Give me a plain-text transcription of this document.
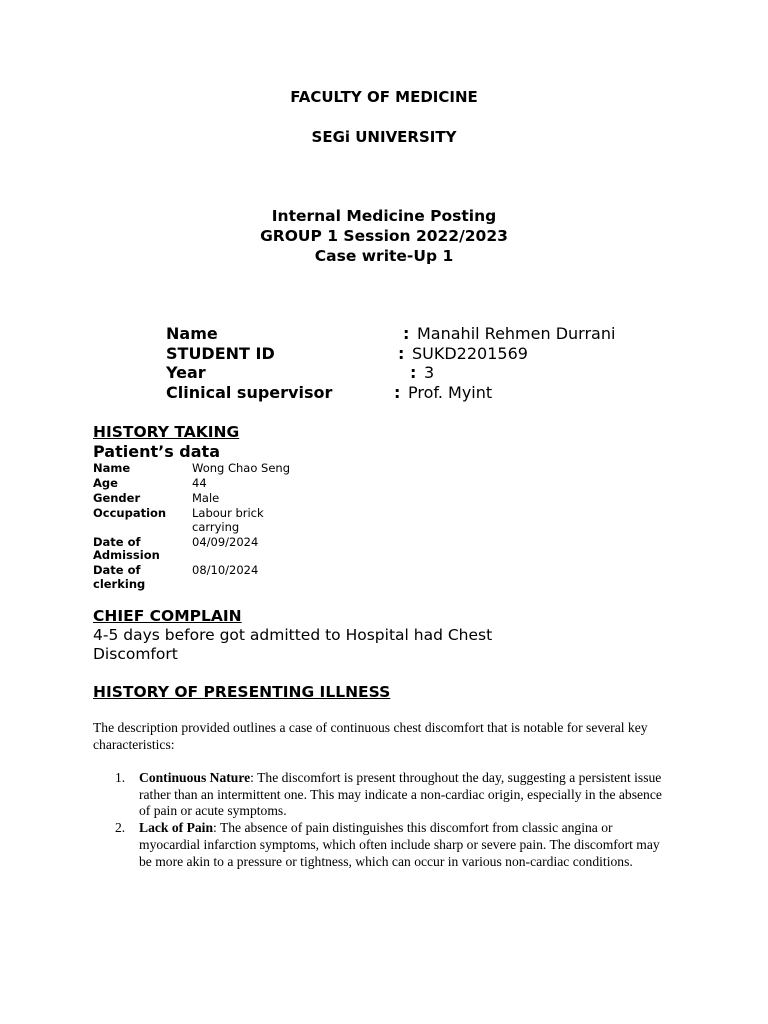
FACULTY OF MEDICINE

SEGi UNIVERSITY

Internal Medicine Posting
GROUP 1 Session 2022/2023
Case write-Up 1
Name	: Manahil Rehmen Durrani
STUDENT ID	: SUKD2201569
Year	: 3
Clinical supervisor	: Prof. Myint

HISTORY TAKING

Patient’s data

Name	Wong Chao Seng
Age	44
Gender	Male
Occupation	Labour brick carrying
Date of Admission	04/09/2024
Date of clerking	08/10/2024

CHIEF COMPLAIN

4-5 days before got admitted to Hospital had Chest Discomfort

HISTORY OF PRESENTING ILLNESS

The description provided outlines a case of continuous chest discomfort that is notable for several key characteristics:

1. Continuous Nature: The discomfort is present throughout the day, suggesting a persistent issue rather than an intermittent one. This may indicate a non-cardiac origin, especially in the absence of pain or acute symptoms.
2. Lack of Pain: The absence of pain distinguishes this discomfort from classic angina or myocardial infarction symptoms, which often include sharp or severe pain. The discomfort may be more akin to a pressure or tightness, which can occur in various non-cardiac conditions.
